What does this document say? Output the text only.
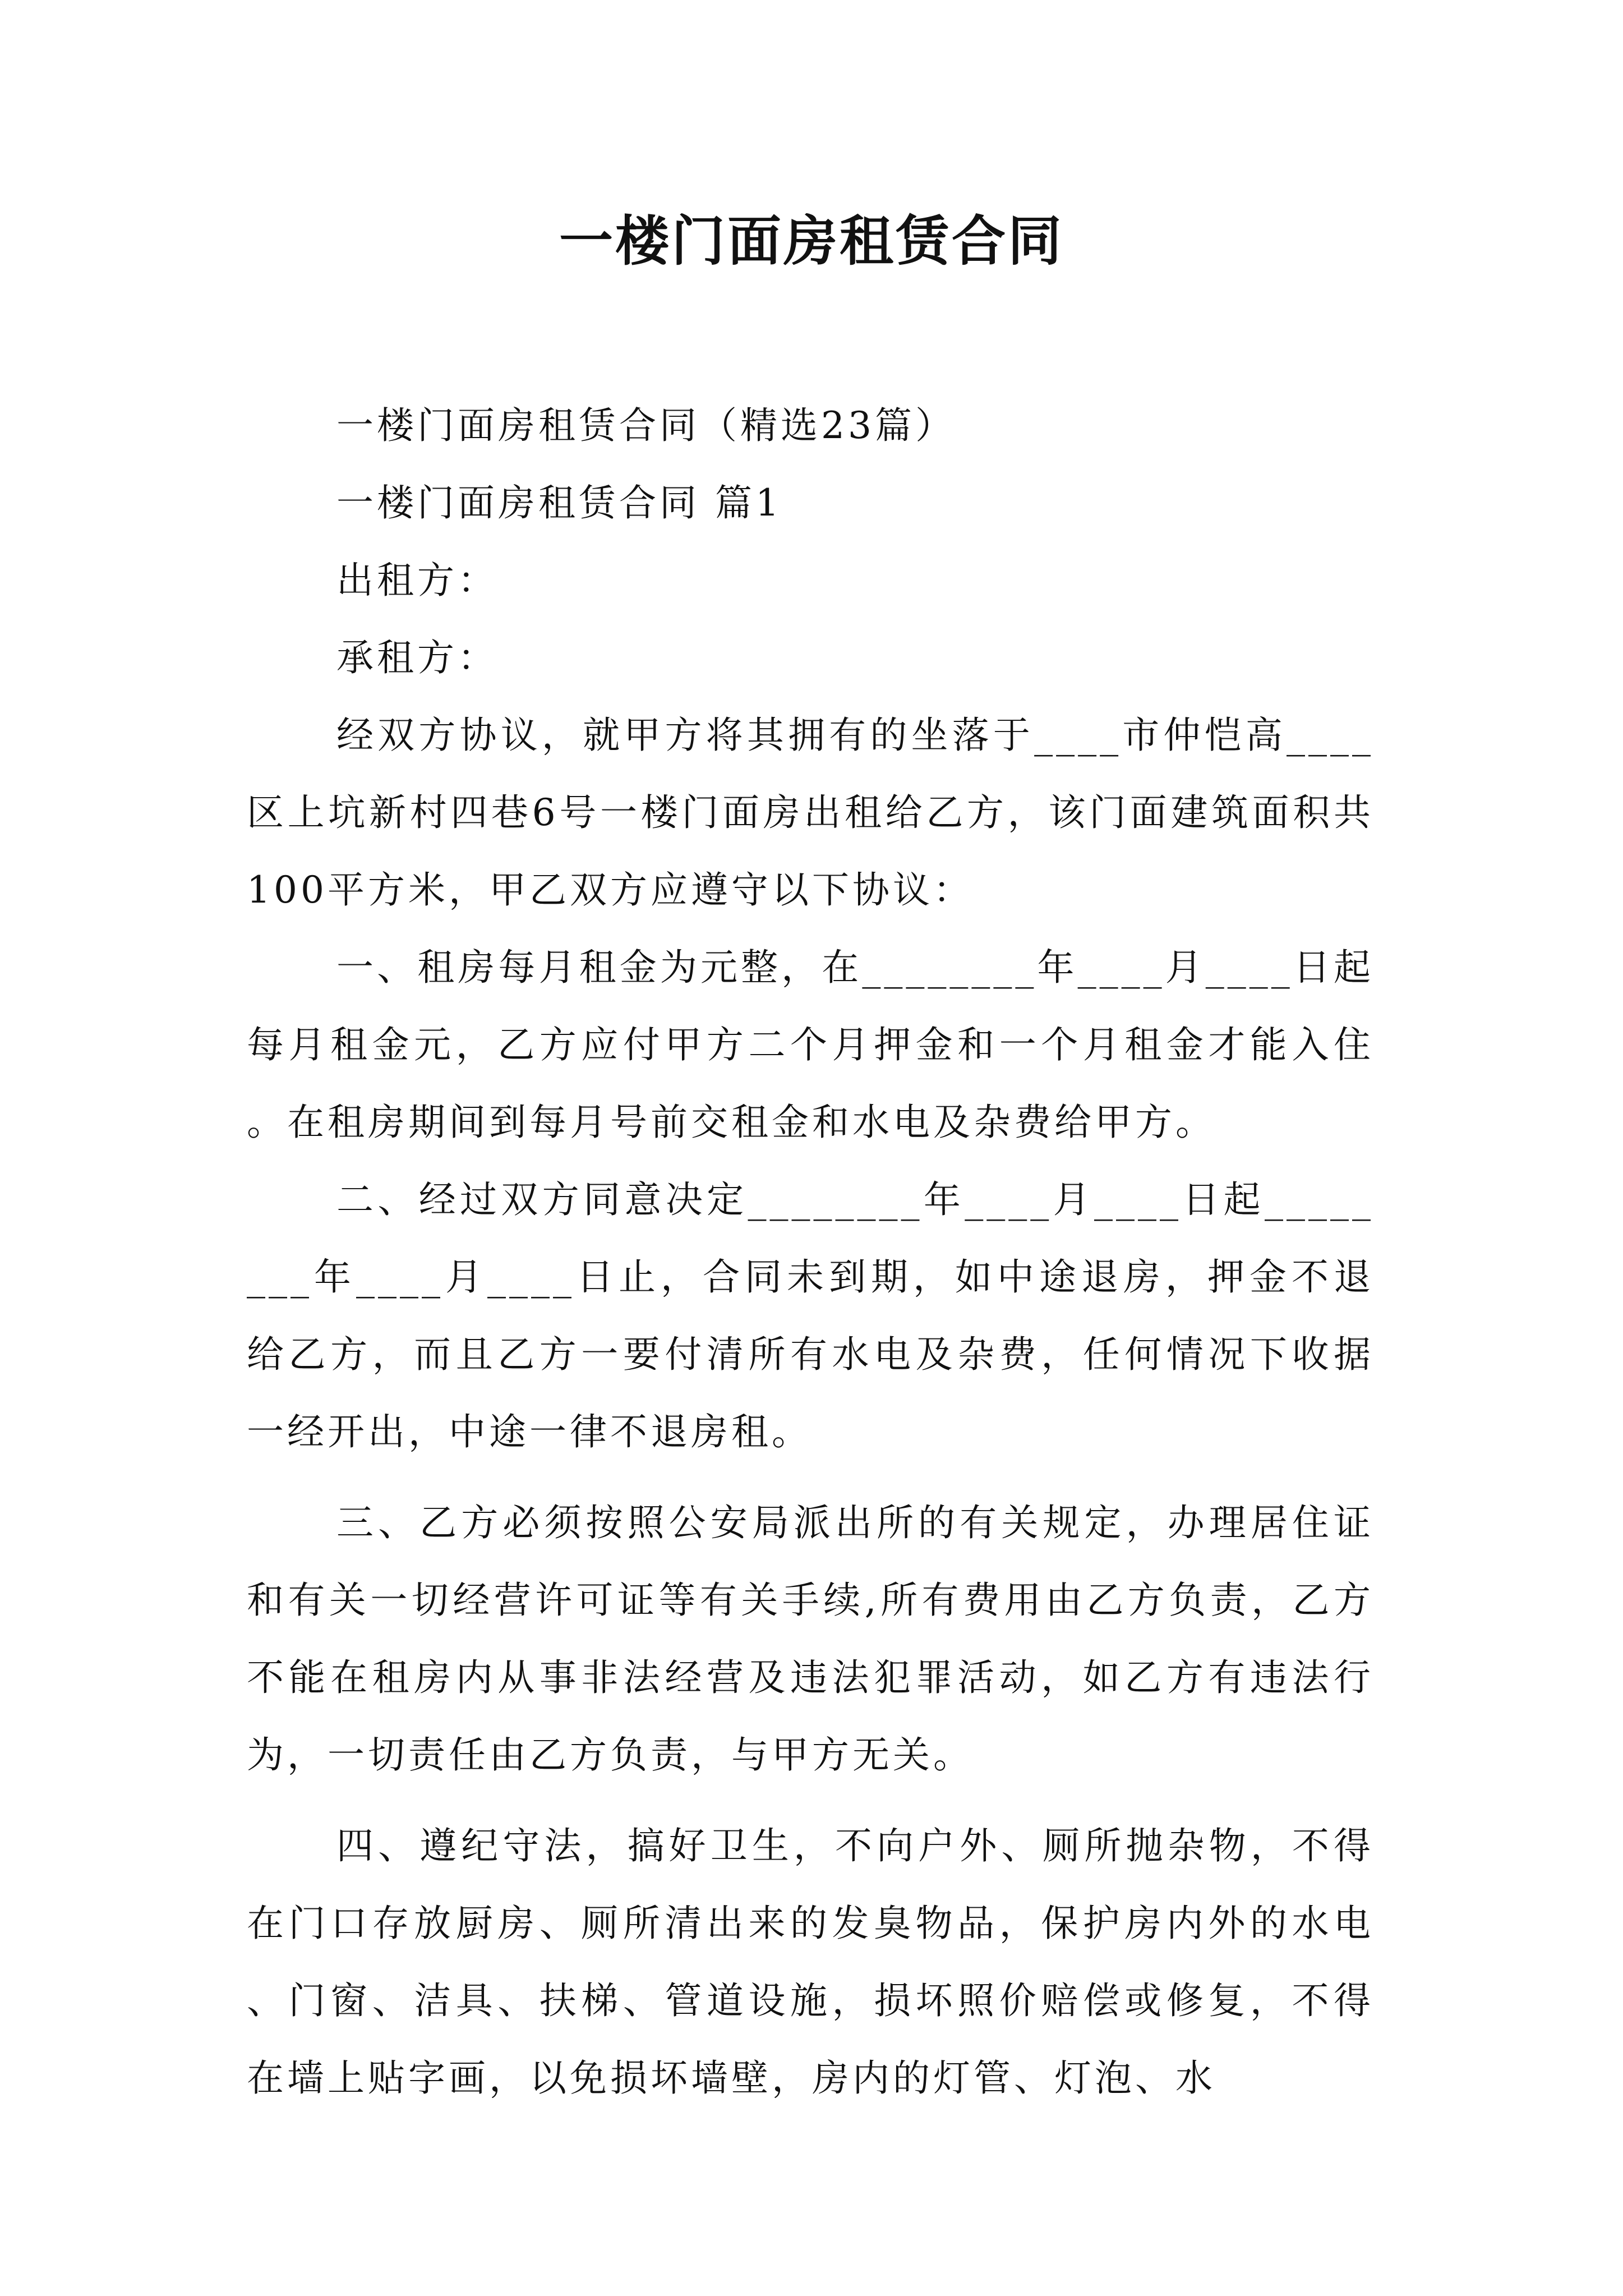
一楼门面房租赁合同

一楼门面房租赁合同（精选23篇）

一楼门面房租赁合同 篇1

出租方：

承租方：

经双方协议，就甲方将其拥有的坐落于____市仲恺高____区上坑新村四巷6号一楼门面房出租给乙方，该门面建筑面积共100平方米，甲乙双方应遵守以下协议：

一、租房每月租金为元整，在________年____月____日起每月租金元，乙方应付甲方二个月押金和一个月租金才能入住。在租房期间到每月号前交租金和水电及杂费给甲方。

二、经过双方同意决定________年____月____日起________年____月____日止，合同未到期，如中途退房，押金不退给乙方，而且乙方一要付清所有水电及杂费，任何情况下收据一经开出，中途一律不退房租。

三、乙方必须按照公安局派出所的有关规定，办理居住证和有关一切经营许可证等有关手续,所有费用由乙方负责，乙方不能在租房内从事非法经营及违法犯罪活动，如乙方有违法行为，一切责任由乙方负责，与甲方无关。

四、遵纪守法，搞好卫生，不向户外、厕所抛杂物，不得在门口存放厨房、厕所清出来的发臭物品，保护房内外的水电、门窗、洁具、扶梯、管道设施，损坏照价赔偿或修复，不得在墙上贴字画，以免损坏墙壁，房内的灯管、灯泡、水
